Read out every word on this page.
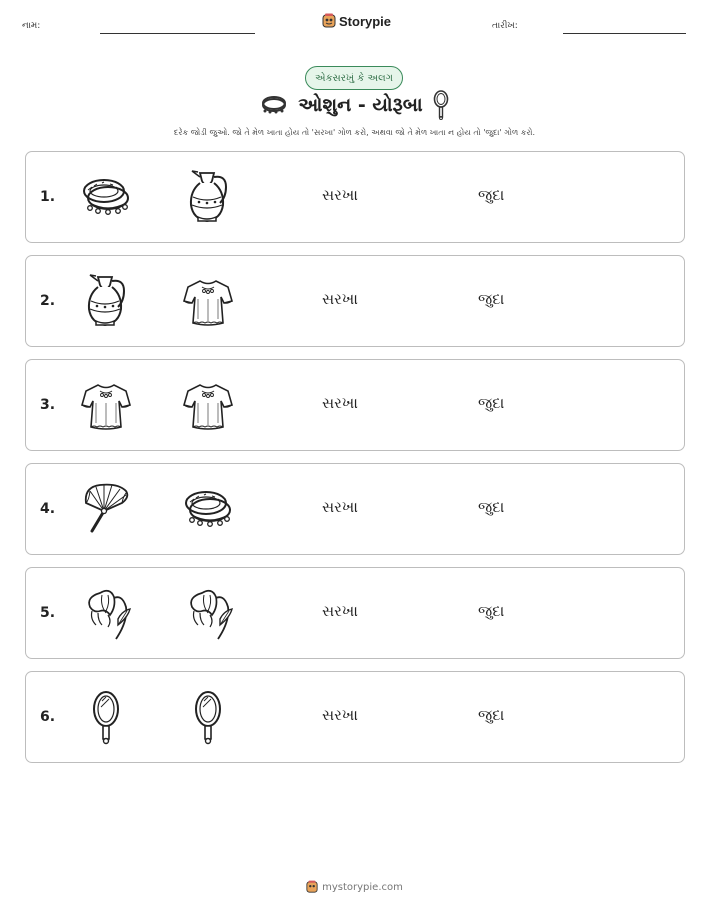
નામ:	Storypie	તારીખ:
એકસરખું કે અલગ
ઓશુન - યોરૂબા
દરેક જોડી જુઓ. જો તે મેળ ખાતા હોય તો 'સરખા' ગોળ કરો, અથવા જો તે મેળ ખાતા ન હોય તો 'જુદા' ગોળ કરો.
1.	સરખા	જુદા
2.	સરખા	જુદા
3.	સરખા	જુદા
4.	સરખા	જુદા
5.	સરખા	જુદા
6.	સરખા	જુદા
mystorypie.com
